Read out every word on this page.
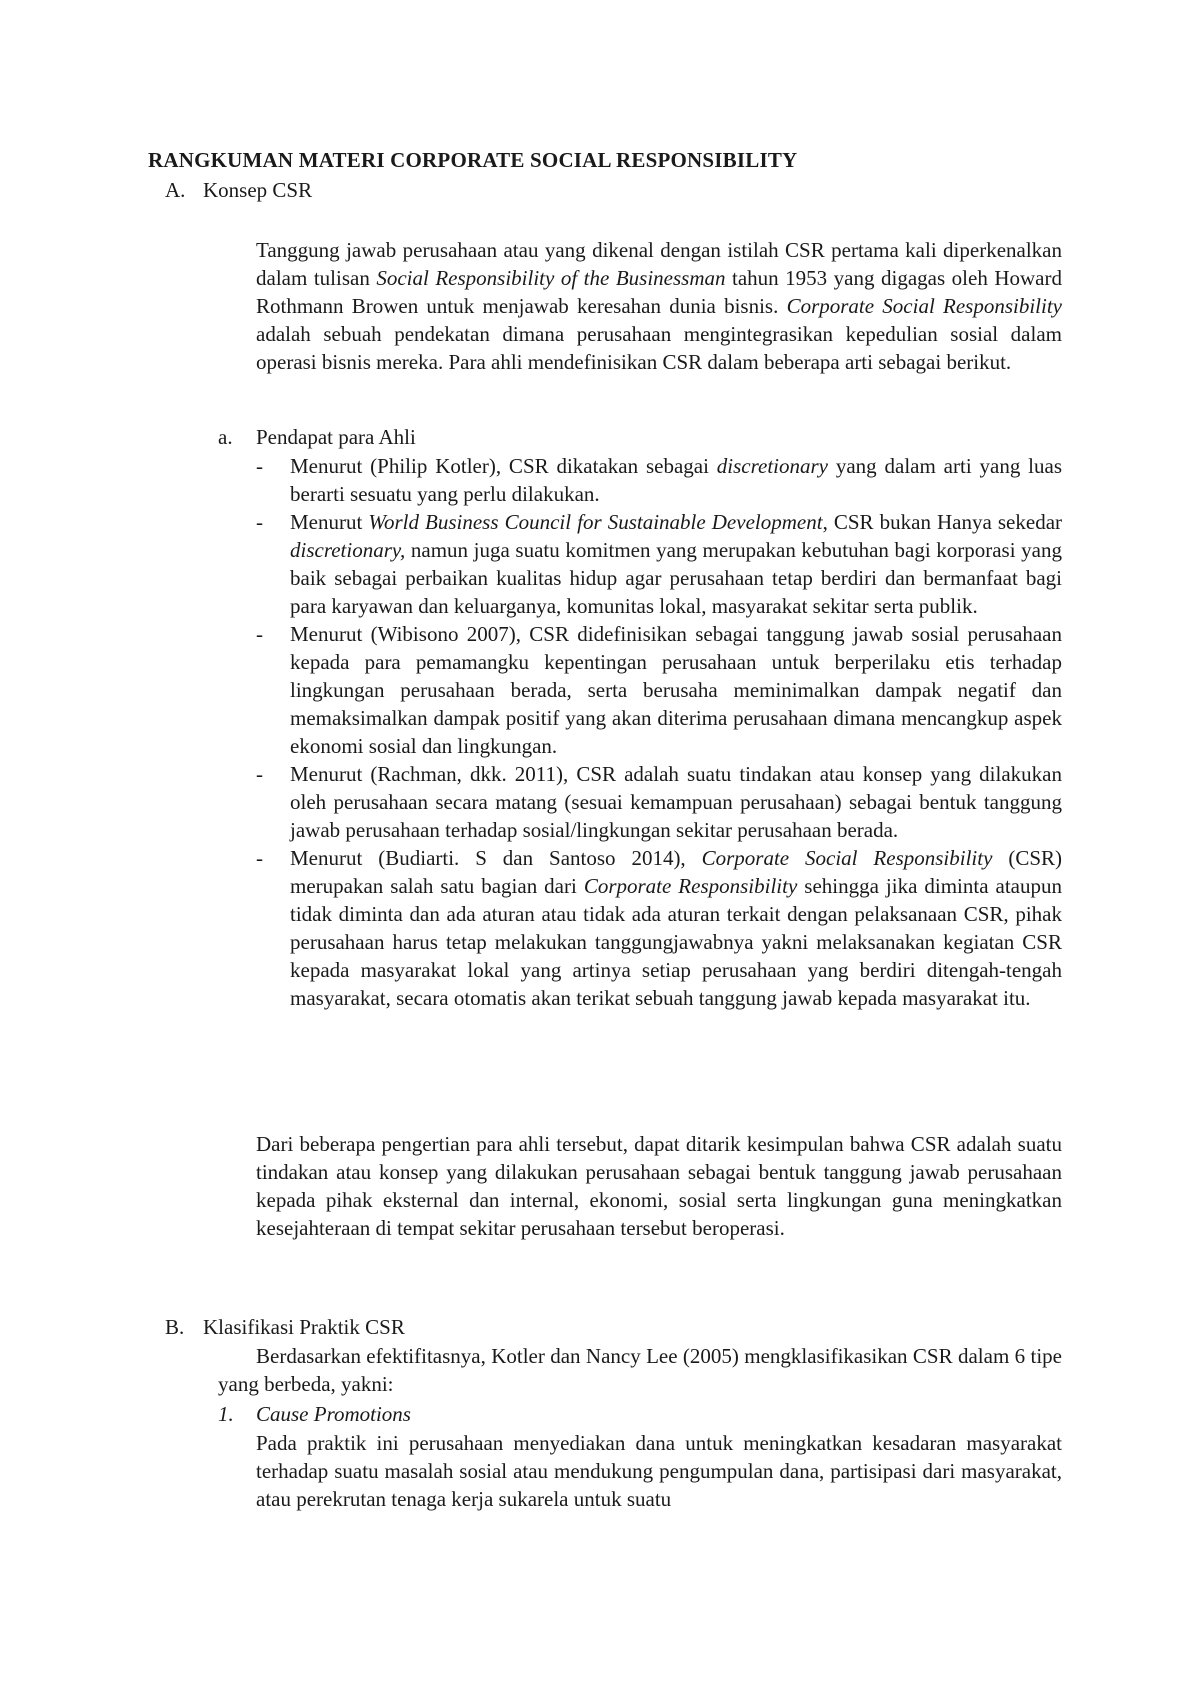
RANGKUMAN MATERI CORPORATE SOCIAL RESPONSIBILITY
A. Konsep CSR
Tanggung jawab perusahaan atau yang dikenal dengan istilah CSR pertama kali diperkenalkan dalam tulisan Social Responsibility of the Businessman tahun 1953 yang digagas oleh Howard Rothmann Browen untuk menjawab keresahan dunia bisnis. Corporate Social Responsibility adalah sebuah pendekatan dimana perusahaan mengintegrasikan kepedulian sosial dalam operasi bisnis mereka. Para ahli mendefinisikan CSR dalam beberapa arti sebagai berikut.
a. Pendapat para Ahli
- Menurut (Philip Kotler), CSR dikatakan sebagai discretionary yang dalam arti yang luas berarti sesuatu yang perlu dilakukan.
- Menurut World Business Council for Sustainable Development, CSR bukan Hanya sekedar discretionary, namun juga suatu komitmen yang merupakan kebutuhan bagi korporasi yang baik sebagai perbaikan kualitas hidup agar perusahaan tetap berdiri dan bermanfaat bagi para karyawan dan keluarganya, komunitas lokal, masyarakat sekitar serta publik.
- Menurut (Wibisono 2007), CSR didefinisikan sebagai tanggung jawab sosial perusahaan kepada para pemamangku kepentingan perusahaan untuk berperilaku etis terhadap lingkungan perusahaan berada, serta berusaha meminimalkan dampak negatif dan memaksimalkan dampak positif yang akan diterima perusahaan dimana mencangkup aspek ekonomi sosial dan lingkungan.
- Menurut (Rachman, dkk. 2011), CSR adalah suatu tindakan atau konsep yang dilakukan oleh perusahaan secara matang (sesuai kemampuan perusahaan) sebagai bentuk tanggung jawab perusahaan terhadap sosial/lingkungan sekitar perusahaan berada.
- Menurut (Budiarti. S dan Santoso 2014), Corporate Social Responsibility (CSR) merupakan salah satu bagian dari Corporate Responsibility sehingga jika diminta ataupun tidak diminta dan ada aturan atau tidak ada aturan terkait dengan pelaksanaan CSR, pihak perusahaan harus tetap melakukan tanggungjawabnya yakni melaksanakan kegiatan CSR kepada masyarakat lokal yang artinya setiap perusahaan yang berdiri ditengah-tengah masyarakat, secara otomatis akan terikat sebuah tanggung jawab kepada masyarakat itu.
Dari beberapa pengertian para ahli tersebut, dapat ditarik kesimpulan bahwa CSR adalah suatu tindakan atau konsep yang dilakukan perusahaan sebagai bentuk tanggung jawab perusahaan kepada pihak eksternal dan internal, ekonomi, sosial serta lingkungan guna meningkatkan kesejahteraan di tempat sekitar perusahaan tersebut beroperasi.
B. Klasifikasi Praktik CSR
Berdasarkan efektifitasnya, Kotler dan Nancy Lee (2005) mengklasifikasikan CSR dalam 6 tipe yang berbeda, yakni:
1. Cause Promotions
Pada praktik ini perusahaan menyediakan dana untuk meningkatkan kesadaran masyarakat terhadap suatu masalah sosial atau mendukung pengumpulan dana, partisipasi dari masyarakat, atau perekrutan tenaga kerja sukarela untuk suatu
